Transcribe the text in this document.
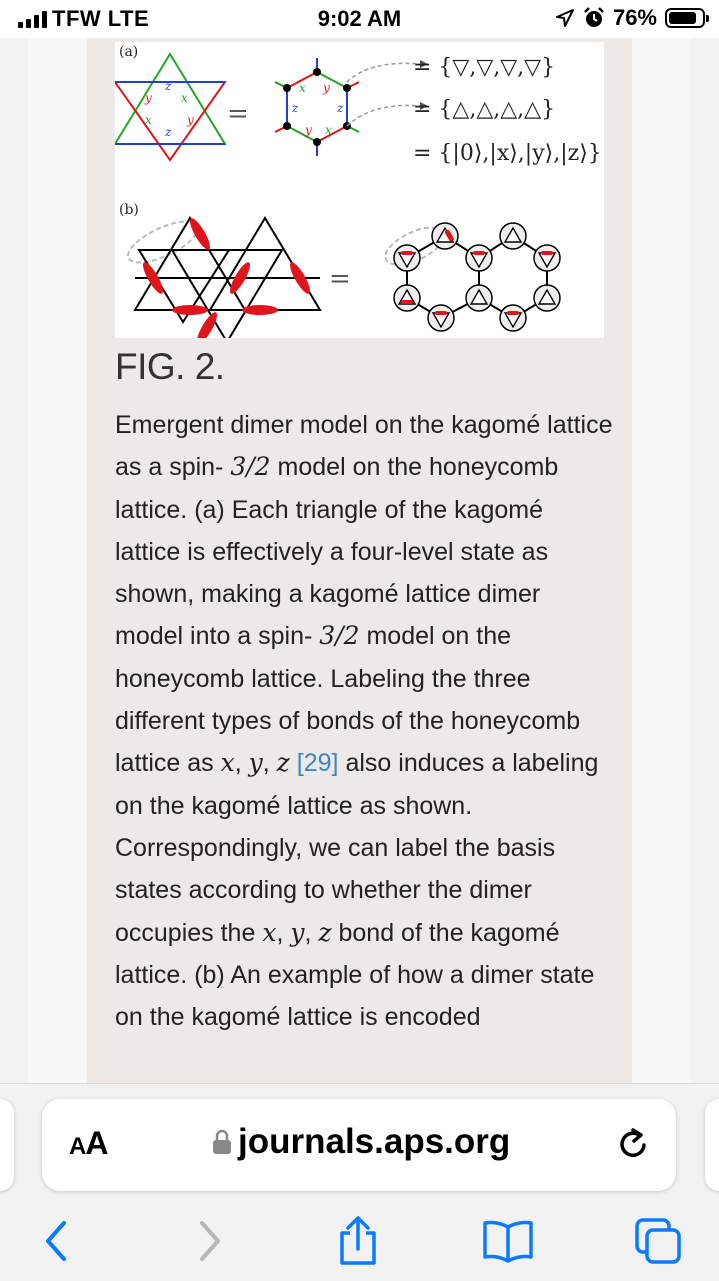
TFW LTE	9:02 AM	76%
(a)
z
y x
x	y
z
=
x y
z	z
y x
= {▽,▽,▽,▽}
= {△,△,△,△}
= {|0⟩,|x⟩,|y⟩,|z⟩}
(b)
=
FIG. 2.
Emergent dimer model on the kagomé lattice as a spin- 3/2 model on the honeycomb lattice. (a) Each triangle of the kagomé lattice is effectively a four-level state as shown, making a kagomé lattice dimer model into a spin- 3/2 model on the honeycomb lattice. Labeling the three different types of bonds of the honeycomb lattice as x, y, z [29] also induces a labeling on the kagomé lattice as shown. Correspondingly, we can label the basis states according to whether the dimer occupies the x, y, z bond of the kagomé lattice. (b) An example of how a dimer state on the kagomé lattice is encoded
AA	journals.aps.org
